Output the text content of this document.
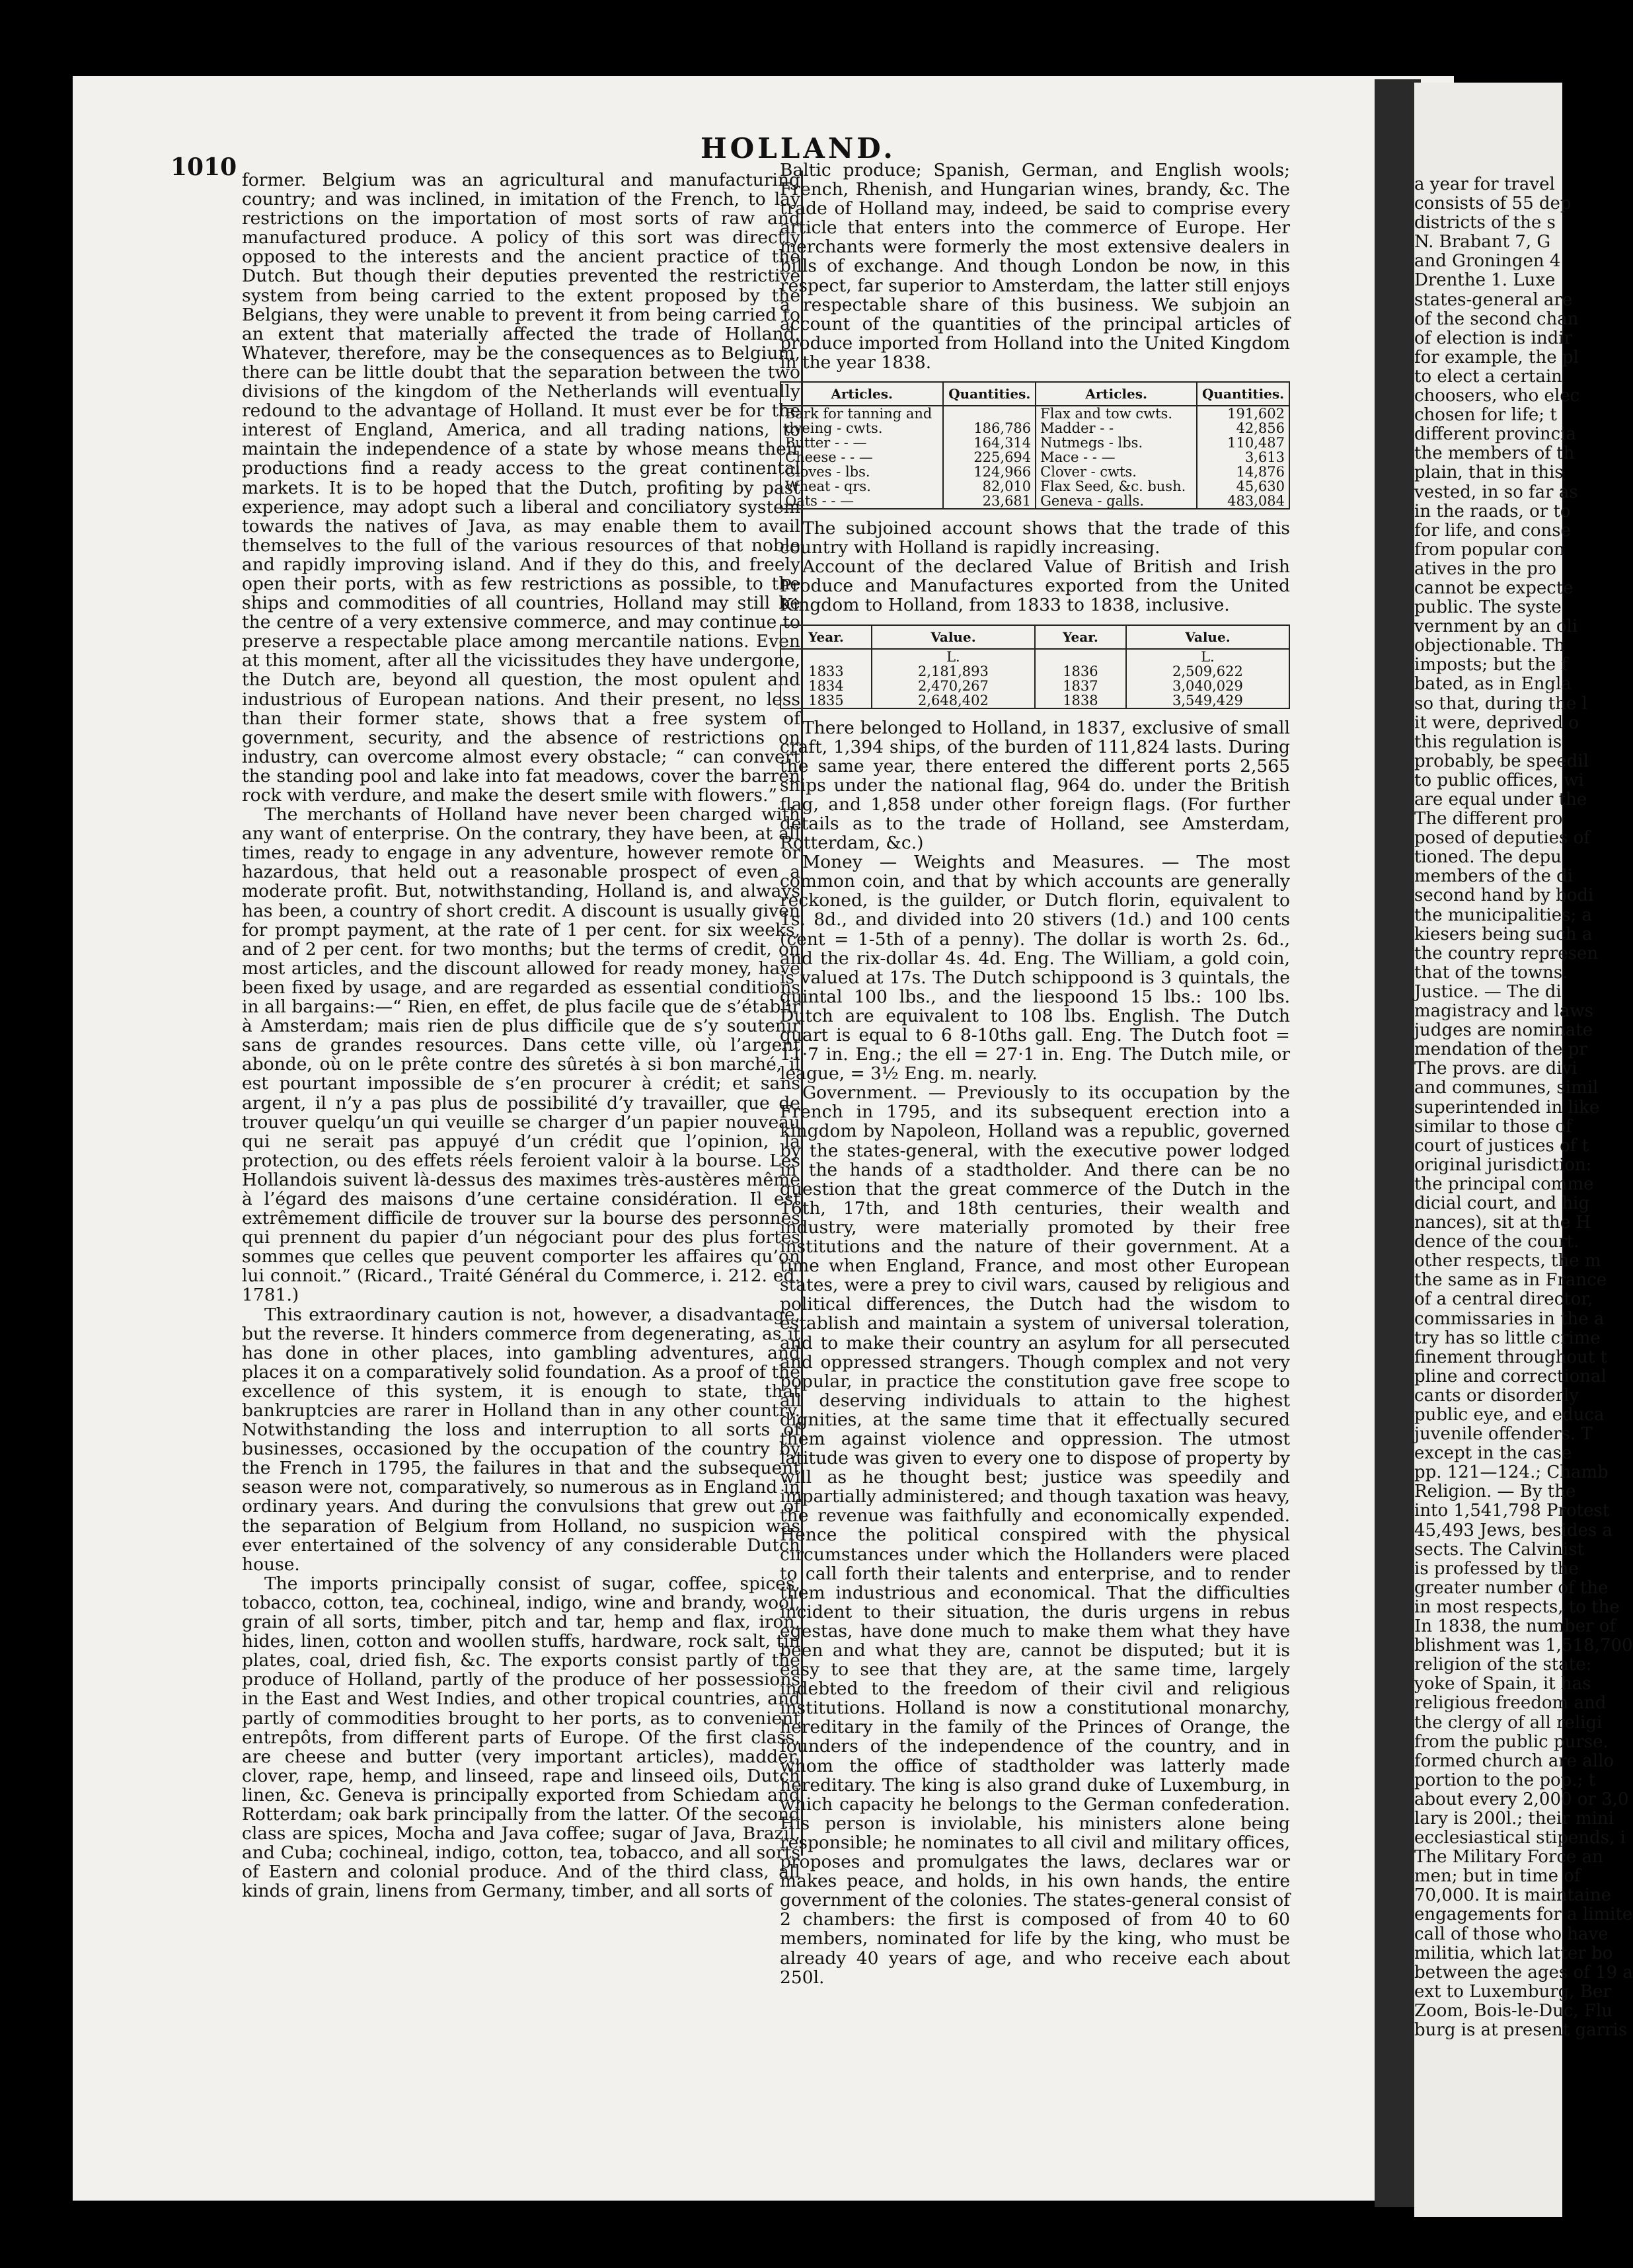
1010
HOLLAND.

former. Belgium was an agricultural and manufacturing country; and was inclined, in imitation of the French, to lay restrictions on the importation of most sorts of raw and manufactured produce. A policy of this sort was directly opposed to the interests and the ancient practice of the Dutch. But though their deputies prevented the restrictive system from being carried to the extent proposed by the Belgians, they were unable to prevent it from being carried to an extent that materially affected the trade of Holland. Whatever, therefore, may be the consequences as to Belgium, there can be little doubt that the separation between the two divisions of the kingdom of the Netherlands will eventually redound to the advantage of Holland. It must ever be for the interest of England, America, and all trading nations, to maintain the independence of a state by whose means their productions find a ready access to the great continental markets. It is to be hoped that the Dutch, profiting by past experience, may adopt such a liberal and conciliatory system towards the natives of Java, as may enable them to avail themselves to the full of the various resources of that noble and rapidly improving island. And if they do this, and freely open their ports, with as few restrictions as possible, to the ships and commodities of all countries, Holland may still be the centre of a very extensive commerce, and may continue to preserve a respectable place among mercantile nations. Even at this moment, after all the vicissitudes they have undergone, the Dutch are, beyond all question, the most opulent and industrious of European nations. And their present, no less than their former state, shows that a free system of government, security, and the absence of restrictions on industry, can overcome almost every obstacle; “ can convert the standing pool and lake into fat meadows, cover the barren rock with verdure, and make the desert smile with flowers.”

The merchants of Holland have never been charged with any want of enterprise. On the contrary, they have been, at all times, ready to engage in any adventure, however remote or hazardous, that held out a reasonable prospect of even a moderate profit. But, notwithstanding, Holland is, and always has been, a country of short credit. A discount is usually given for prompt payment, at the rate of 1 per cent. for six weeks, and of 2 per cent. for two months; but the terms of credit, on most articles, and the discount allowed for ready money, have been fixed by usage, and are regarded as essential conditions in all bargains:—“ Rien, en effet, de plus facile que de s’établir à Amsterdam; mais rien de plus difficile que de s’y soutenir sans de grandes resources. Dans cette ville, où l’argent abonde, où on le prête contre des sûretés à si bon marché, il est pourtant impossible de s’en procurer à crédit; et sans argent, il n’y a pas plus de possibilité d’y travailler, que de trouver quelqu’un qui veuille se charger d’un papier nouveau qui ne serait pas appuyé d’un crédit que l’opinion, la protection, ou des effets réels feroient valoir à la bourse. Les Hollandois suivent là-dessus des maximes très-austères même à l’égard des maisons d’une certaine considération. Il est extrêmement difficile de trouver sur la bourse des personnes qui prennent du papier d’un négociant pour des plus fortes sommes que celles que peuvent comporter les affaires qu’on lui connoit.” (Ricard., Traité Général du Commerce, i. 212. ed. 1781.)

This extraordinary caution is not, however, a disadvantage, but the reverse. It hinders commerce from degenerating, as it has done in other places, into gambling adventures, and places it on a comparatively solid foundation. As a proof of the excellence of this system, it is enough to state, that bankruptcies are rarer in Holland than in any other country. Notwithstanding the loss and interruption to all sorts of businesses, occasioned by the occupation of the country by the French in 1795, the failures in that and the subsequent season were not, comparatively, so numerous as in England in ordinary years. And during the convulsions that grew out of the separation of Belgium from Holland, no suspicion was ever entertained of the solvency of any considerable Dutch house.

The imports principally consist of sugar, coffee, spices, tobacco, cotton, tea, cochineal, indigo, wine and brandy, wool, grain of all sorts, timber, pitch and tar, hemp and flax, iron, hides, linen, cotton and woollen stuffs, hardware, rock salt, tin plates, coal, dried fish, &c. The exports consist partly of the produce of Holland, partly of the produce of her possessions in the East and West Indies, and other tropical countries, and partly of commodities brought to her ports, as to convenient entrepôts, from different parts of Europe. Of the first class, are cheese and butter (very important articles), madder, clover, rape, hemp, and linseed, rape and linseed oils, Dutch linen, &c. Geneva is principally exported from Schiedam and Rotterdam; oak bark principally from the latter. Of the second class are spices, Mocha and Java coffee; sugar of Java, Brazil, and Cuba; cochineal, indigo, cotton, tea, tobacco, and all sorts of Eastern and colonial produce. And of the third class, all kinds of grain, linens from Germany, timber, and all sorts of

Baltic produce; Spanish, German, and English wools; French, Rhenish, and Hungarian wines, brandy, &c. The trade of Holland may, indeed, be said to comprise every article that enters into the commerce of Europe. Her merchants were formerly the most extensive dealers in bills of exchange. And though London be now, in this respect, far superior to Amsterdam, the latter still enjoys a respectable share of this business. We subjoin an account of the quantities of the principal articles of produce imported from Holland into the United Kingdom in the year 1838.

Articles.	Quantities.	Articles.	Quantities.
Bark for tanning and		Flax and tow cwts.	191,602
dyeing - cwts.	186,786	Madder - -	42,856
Butter - - —	164,314	Nutmegs - lbs.	110,487
Cheese - - —	225,694	Mace - - —	3,613
Cloves - lbs.	124,966	Clover - cwts.	14,876
Wheat - qrs.	82,010	Flax Seed, &c. bush.	45,630
Oats - - —	23,681	Geneva - galls.	483,084

The subjoined account shows that the trade of this country with Holland is rapidly increasing.

Account of the declared Value of British and Irish Produce and Manufactures exported from the United Kingdom to Holland, from 1833 to 1838, inclusive.

Year.	Value.	Year.	Value.
	L.		L.
1833	2,181,893	1836	2,509,622
1834	2,470,267	1837	3,040,029
1835	2,648,402	1838	3,549,429

There belonged to Holland, in 1837, exclusive of small craft, 1,394 ships, of the burden of 111,824 lasts. During the same year, there entered the different ports 2,565 ships under the national flag, 964 do. under the British flag, and 1,858 under other foreign flags. (For further details as to the trade of Holland, see Amsterdam, Rotterdam, &c.)

Money — Weights and Measures. — The most common coin, and that by which accounts are generally reckoned, is the guilder, or Dutch florin, equivalent to 1s. 8d., and divided into 20 stivers (1d.) and 100 cents (cent = 1-5th of a penny). The dollar is worth 2s. 6d., and the rix-dollar 4s. 4d. Eng. The William, a gold coin, is valued at 17s. The Dutch schippoond is 3 quintals, the quintal 100 lbs., and the liespoond 15 lbs.: 100 lbs. Dutch are equivalent to 108 lbs. English. The Dutch quart is equal to 6 8-10ths gall. Eng. The Dutch foot = 11·7 in. Eng.; the ell = 27·1 in. Eng. The Dutch mile, or league, = 3½ Eng. m. nearly.

Government. — Previously to its occupation by the French in 1795, and its subsequent erection into a kingdom by Napoleon, Holland was a republic, governed by the states-general, with the executive power lodged in the hands of a stadtholder. And there can be no question that the great commerce of the Dutch in the 16th, 17th, and 18th centuries, their wealth and industry, were materially promoted by their free institutions and the nature of their government. At a time when England, France, and most other European states, were a prey to civil wars, caused by religious and political differences, the Dutch had the wisdom to establish and maintain a system of universal toleration, and to make their country an asylum for all persecuted and oppressed strangers. Though complex and not very popular, in practice the constitution gave free scope to all deserving individuals to attain to the highest dignities, at the same time that it effectually secured them against violence and oppression. The utmost latitude was given to every one to dispose of property by will as he thought best; justice was speedily and impartially administered; and though taxation was heavy, the revenue was faithfully and economically expended. Hence the political conspired with the physical circumstances under which the Hollanders were placed to call forth their talents and enterprise, and to render them industrious and economical. That the difficulties incident to their situation, the duris urgens in rebus egestas, have done much to make them what they have been and what they are, cannot be disputed; but it is easy to see that they are, at the same time, largely indebted to the freedom of their civil and religious institutions. Holland is now a constitutional monarchy, hereditary in the family of the Princes of Orange, the founders of the independence of the country, and in whom the office of stadtholder was latterly made hereditary. The king is also grand duke of Luxemburg, in which capacity he belongs to the German confederation. His person is inviolable, his ministers alone being responsible; he nominates to all civil and military offices, proposes and promulgates the laws, declares war or makes peace, and holds, in his own hands, the entire government of the colonies. The states-general consist of 2 chambers: the first is composed of from 40 to 60 members, nominated for life by the king, who must be already 40 years of age, and who receive each about 250l.

a year for travel
consists of 55 dep
districts of the s
N. Brabant 7, G
and Groningen 4
Drenthe 1. Luxe
states-general are
of the second chan
of election is indir
for example, the pl
to elect a certain
choosers, who elec
chosen for life; t
different provincia
the members of th
plain, that in this
vested, in so far as
in the raads, or to
for life, and conse
from popular con
atives in the pro
cannot be expecte
public. The syste
vernment by an oli
objectionable. Th
imposts; but the f
bated, as in Engla
so that, during the l
it were, deprived o
this regulation is
probably, be speedil
to public offices, wi
are equal under the
The different pro
posed of deputies of
tioned. The depu
members of the di
second hand by bodi
the municipalities; a
kiesers being such a
the country represen
that of the towns.
Justice. — The di
magistracy and laws
judges are nominate
mendation of the pr
The provs. are divi
and communes, simil
superintended in like
similar to those of
court of justices of t
original jurisdiction:
the principal comme
dicial court, and hig
nances), sit at the H
dence of the court.
other respects, the m
the same as in France
of a central director,
commissaries in the a
try has so little crime
finement throughout t
pline and correctional
cants or disorderly
public eye, and educa
juvenile offenders. T
except in the case
pp. 121—124.; Chamb
Religion. — By the
into 1,541,798 Protest
45,493 Jews, besides a
sects. The Calvinist
is professed by the
greater number of the
in most respects, to the
In 1838, the number of
blishment was 1,518,700
religion of the state:
yoke of Spain, it has
religious freedom and
the clergy of all religi
from the public purse.
formed church are allo
portion to the pop.; t
about every 2,000 or 3,0
lary is 200l.; their mini
ecclesiastical stipends, i
The Military Force an
men; but in time of
70,000. It is maintaine
engagements for a limite
call of those who have
militia, which latter bo
between the ages of 19 a
ext to Luxemburg, Ber
Zoom, Bois-le-Duc, Flu
burg is at present garris
